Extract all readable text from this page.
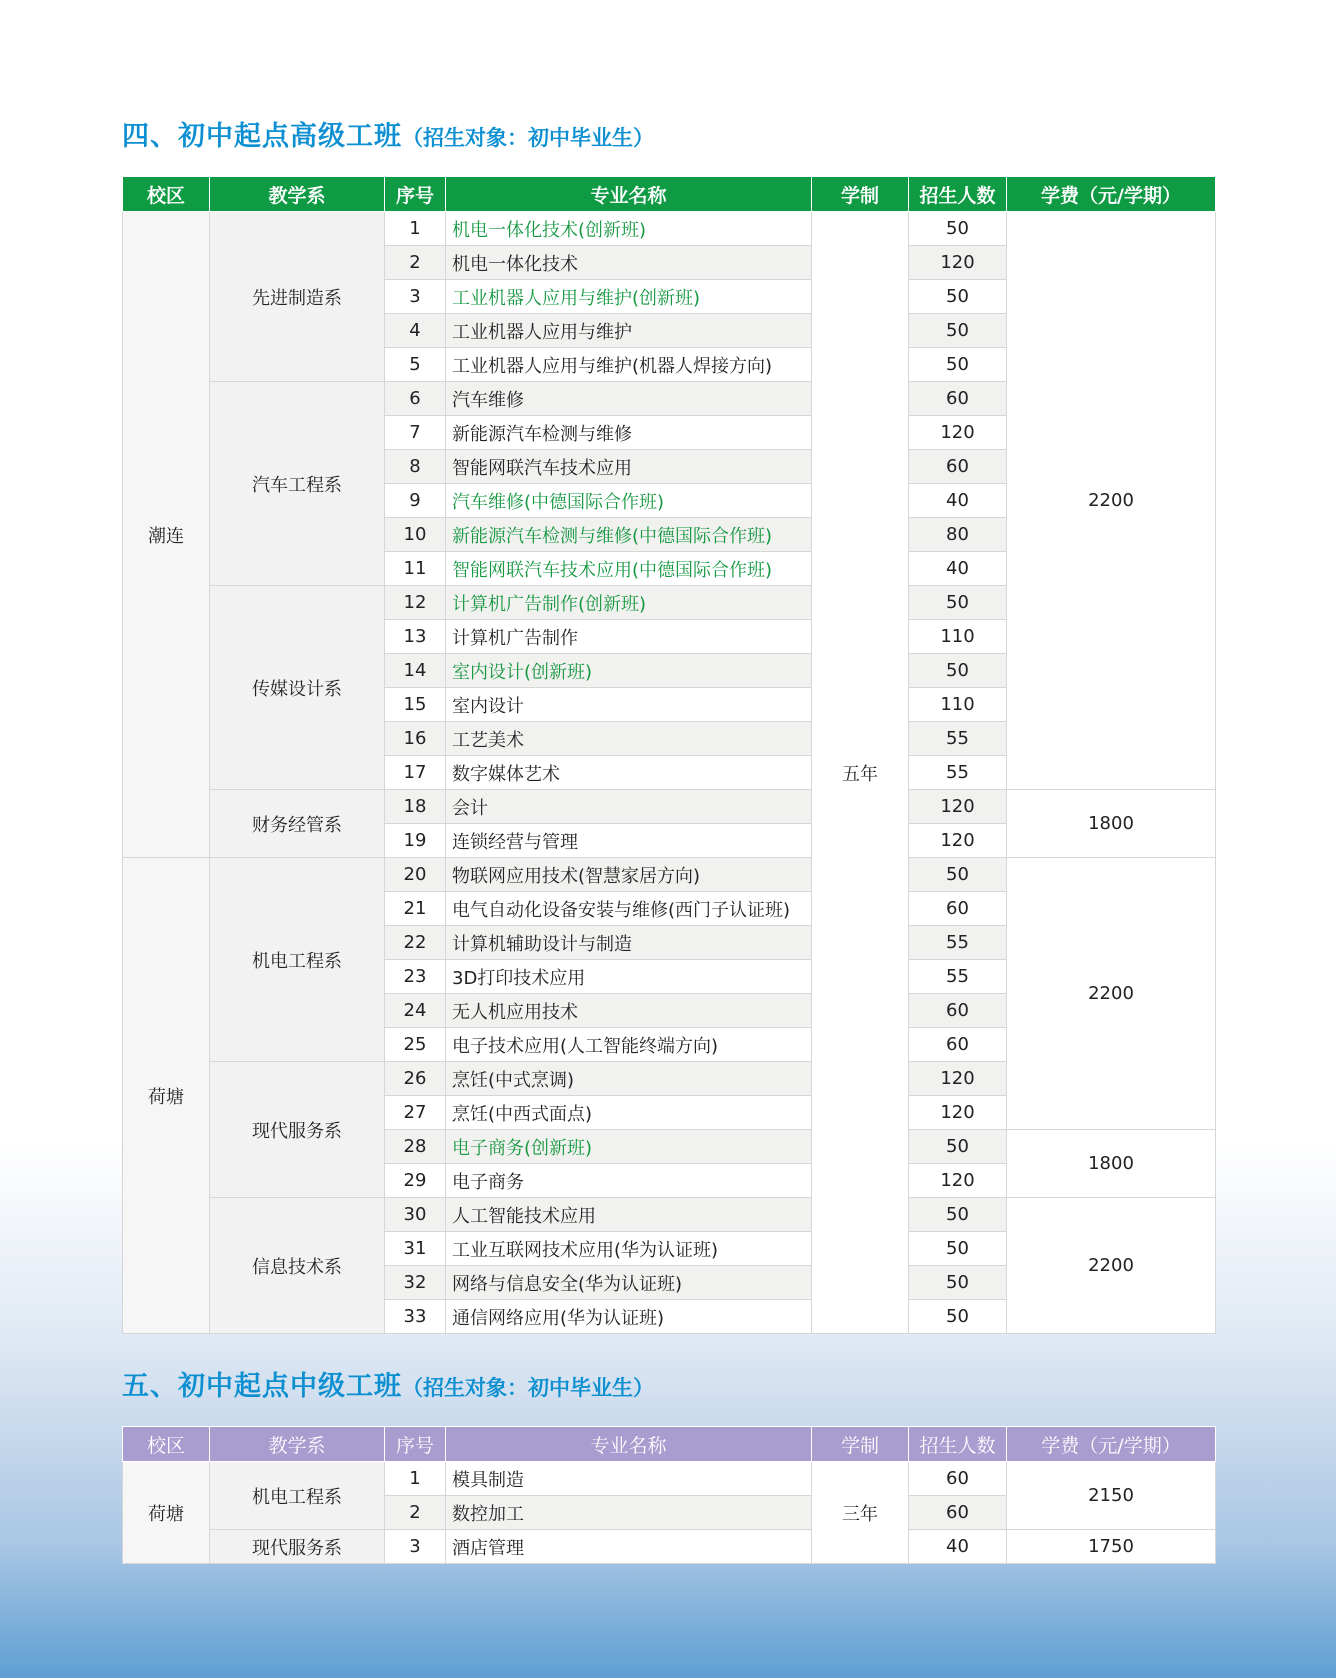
四、初中起点高级工班（招生对象：初中毕业生）
校区	教学系	序号	专业名称	学制	招生人数	学费（元/学期）
潮连	先进制造系	1	机电一体化技术(创新班)	五年	50	2200
		2	机电一体化技术		120	
		3	工业机器人应用与维护(创新班)		50	
		4	工业机器人应用与维护		50	
		5	工业机器人应用与维护(机器人焊接方向)		50	
	汽车工程系	6	汽车维修		60	
		7	新能源汽车检测与维修		120	
		8	智能网联汽车技术应用		60	
		9	汽车维修(中德国际合作班)		40	
		10	新能源汽车检测与维修(中德国际合作班)		80	
		11	智能网联汽车技术应用(中德国际合作班)		40	
	传媒设计系	12	计算机广告制作(创新班)		50	
		13	计算机广告制作		110	
		14	室内设计(创新班)		50	
		15	室内设计		110	
		16	工艺美术		55	
		17	数字媒体艺术		55	
	财务经管系	18	会计		120	1800
		19	连锁经营与管理		120	
荷塘	机电工程系	20	物联网应用技术(智慧家居方向)		50	2200
		21	电气自动化设备安装与维修(西门子认证班)		60	
		22	计算机辅助设计与制造		55	
		23	3D打印技术应用		55	
		24	无人机应用技术		60	
		25	电子技术应用(人工智能终端方向)		60	
	现代服务系	26	烹饪(中式烹调)		120	
		27	烹饪(中西式面点)		120	
		28	电子商务(创新班)		50	1800
		29	电子商务		120	
	信息技术系	30	人工智能技术应用		50	2200
		31	工业互联网技术应用(华为认证班)		50	
		32	网络与信息安全(华为认证班)		50	
		33	通信网络应用(华为认证班)		50	
五、初中起点中级工班（招生对象：初中毕业生）
校区	教学系	序号	专业名称	学制	招生人数	学费（元/学期）
荷塘	机电工程系	1	模具制造	三年	60	2150
		2	数控加工		60	
	现代服务系	3	酒店管理		40	1750
